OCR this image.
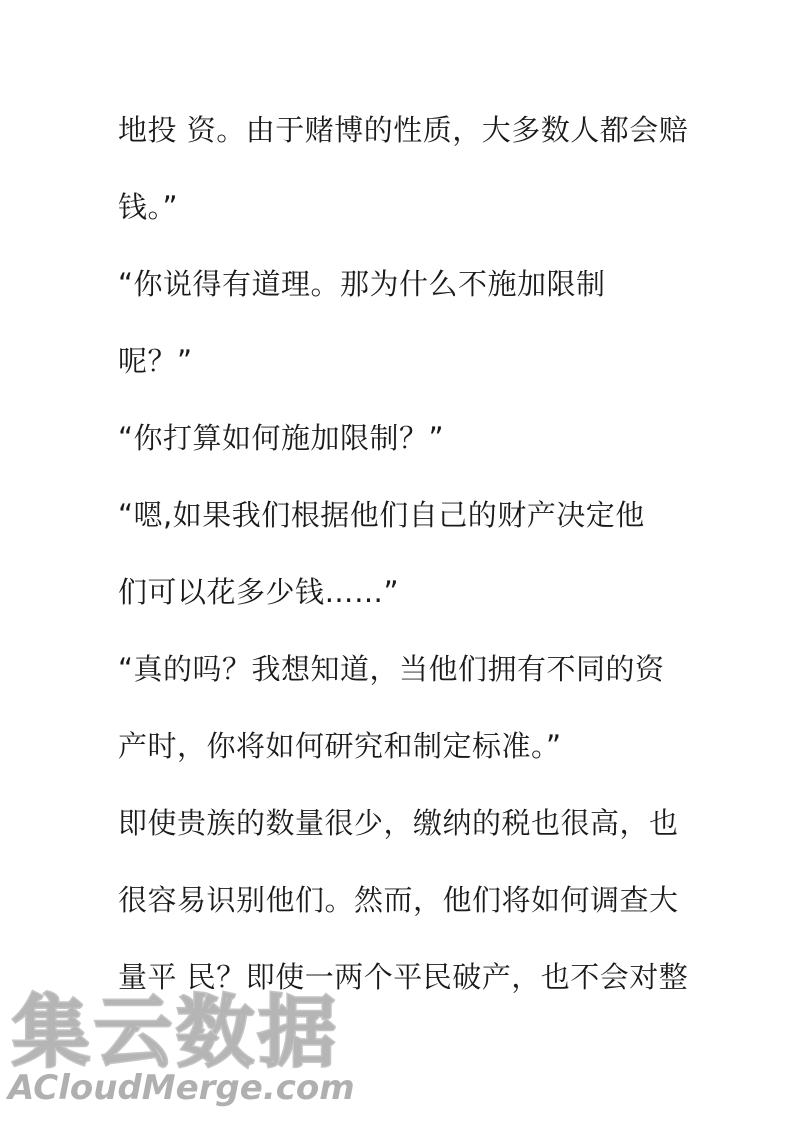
地投 资。由于赌博的性质，大多数人都会赔
钱。”
“你说得有道理。那为什么不施加限制
呢？”
“你打算如何施加限制？”
“嗯,如果我们根据他们自己的财产决定他
们可以花多少钱……”
“真的吗？我想知道，当他们拥有不同的资
产时，你将如何研究和制定标准。”
即使贵族的数量很少，缴纳的税也很高，也
很容易识别他们。然而，他们将如何调查大
量平 民？即使一两个平民破产，也不会对整
集云数据
ACloudMerge.com
